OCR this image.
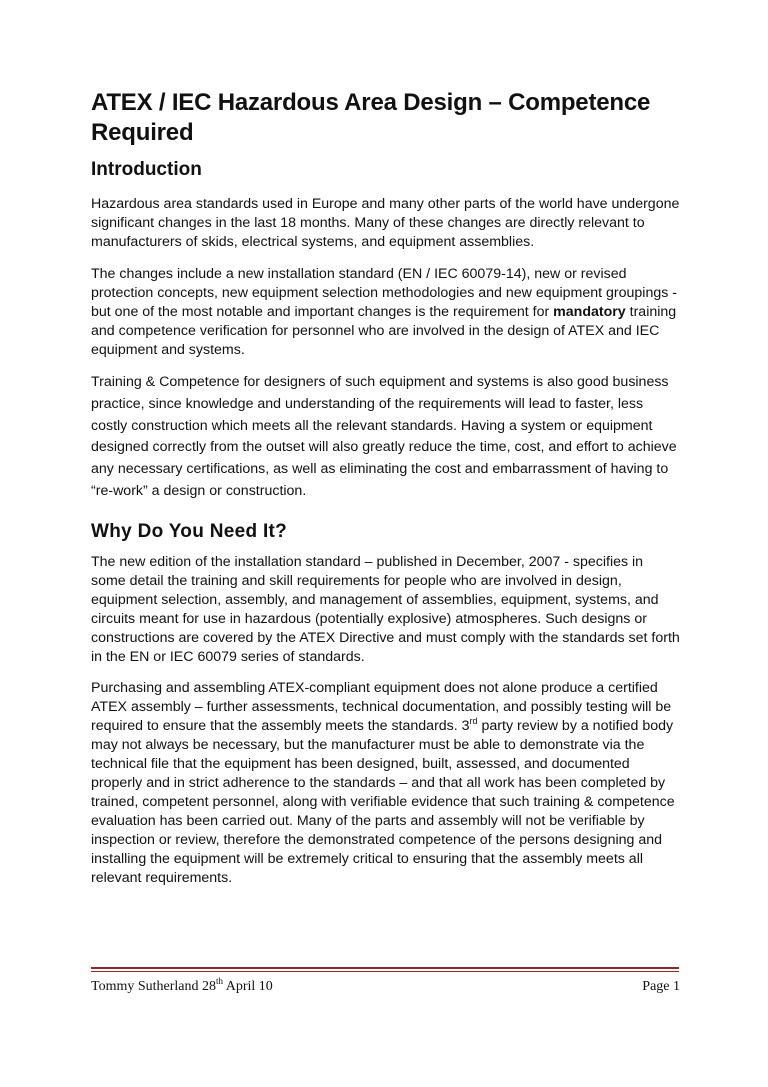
ATEX / IEC Hazardous Area Design – Competence Required
Introduction

Hazardous area standards used in Europe and many other parts of the world have undergone significant changes in the last 18 months. Many of these changes are directly relevant to manufacturers of skids, electrical systems, and equipment assemblies.

The changes include a new installation standard (EN / IEC 60079-14), new or revised protection concepts, new equipment selection methodologies and new equipment groupings - but one of the most notable and important changes is the requirement for mandatory training and competence verification for personnel who are involved in the design of ATEX and IEC equipment and systems.

Training & Competence for designers of such equipment and systems is also good business practice, since knowledge and understanding of the requirements will lead to faster, less costly construction which meets all the relevant standards. Having a system or equipment designed correctly from the outset will also greatly reduce the time, cost, and effort to achieve any necessary certifications, as well as eliminating the cost and embarrassment of having to “re-work” a design or construction.

Why Do You Need It?

The new edition of the installation standard – published in December, 2007 - specifies in some detail the training and skill requirements for people who are involved in design, equipment selection, assembly, and management of assemblies, equipment, systems, and circuits meant for use in hazardous (potentially explosive) atmospheres. Such designs or constructions are covered by the ATEX Directive and must comply with the standards set forth in the EN or IEC 60079 series of standards.

Purchasing and assembling ATEX-compliant equipment does not alone produce a certified ATEX assembly – further assessments, technical documentation, and possibly testing will be required to ensure that the assembly meets the standards. 3rd party review by a notified body may not always be necessary, but the manufacturer must be able to demonstrate via the technical file that the equipment has been designed, built, assessed, and documented properly and in strict adherence to the standards – and that all work has been completed by trained, competent personnel, along with verifiable evidence that such training & competence evaluation has been carried out. Many of the parts and assembly will not be verifiable by inspection or review, therefore the demonstrated competence of the persons designing and installing the equipment will be extremely critical to ensuring that the assembly meets all relevant requirements.

Tommy Sutherland 28th April 10	Page 1
